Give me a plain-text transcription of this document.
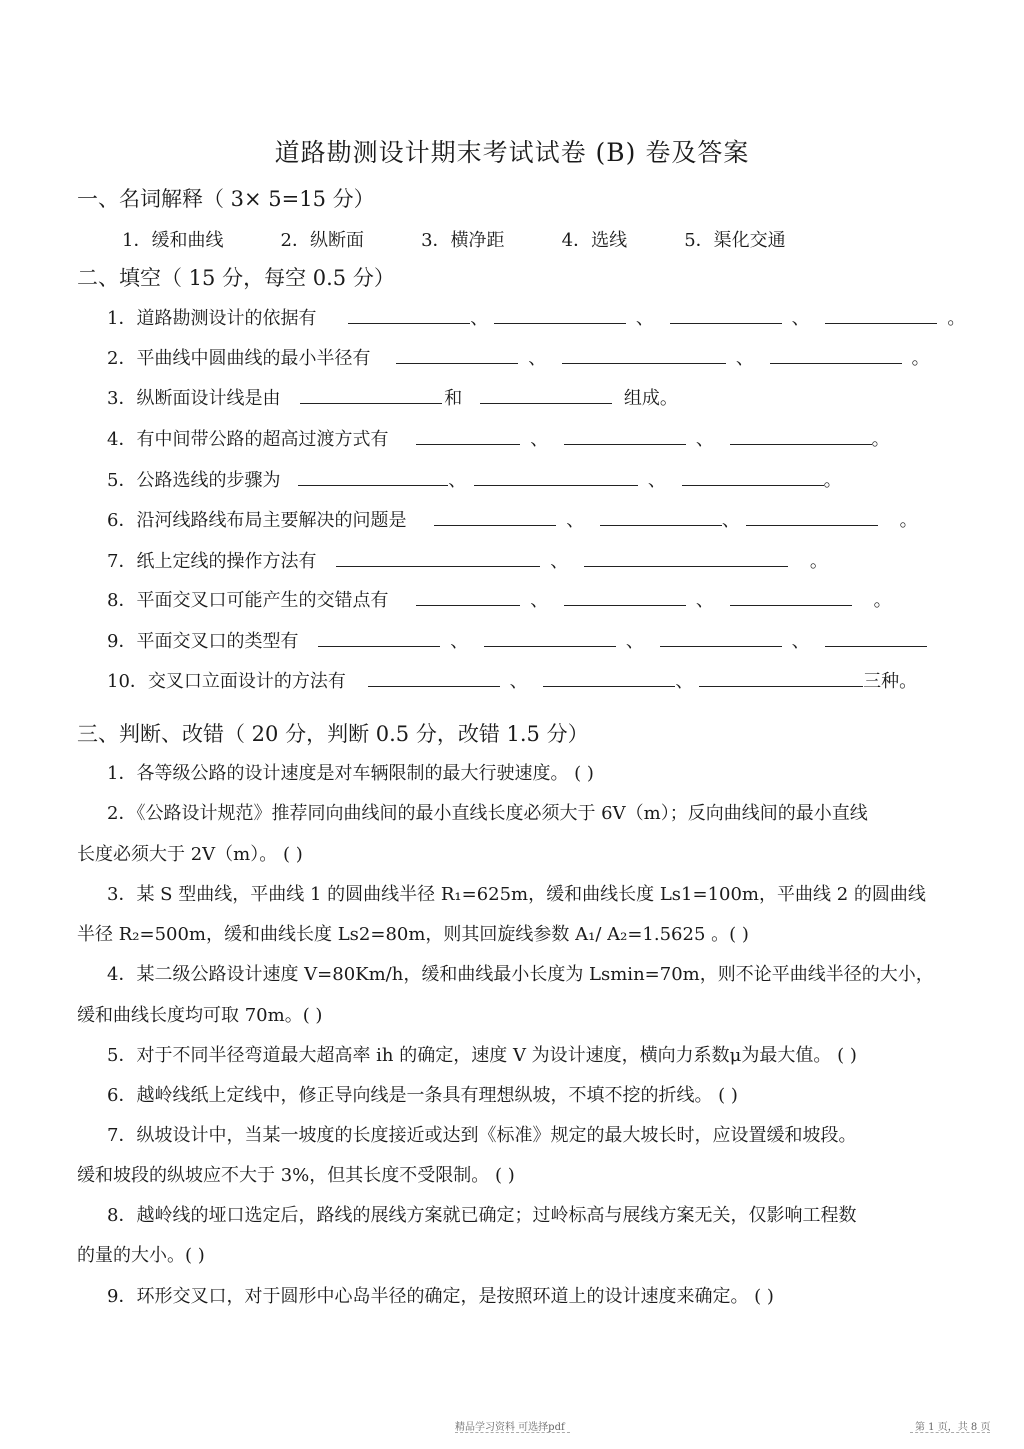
道路勘测设计期末考试试卷 (B) 卷及答案
一、名词解释（ 3× 5=15 分）
1．缓和曲线	2．纵断面	3．横净距	4．选线	5．渠化交通
二、填空（ 15 分，每空 0.5 分）
1．道路勘测设计的依据有	、	、	、	。
2．平曲线中圆曲线的最小半径有	、	、	。
3．纵断面设计线是由	和	组成。
4．有中间带公路的超高过渡方式有	、	、	。
5．公路选线的步骤为	、	、	。
6．沿河线路线布局主要解决的问题是	、	、	。
7．纸上定线的操作方法有	、	。
8．平面交叉口可能产生的交错点有	、	、	。
9．平面交叉口的类型有	、	、	、
10．交叉口立面设计的方法有	、	、	三种。
三、判断、改错（ 20 分，判断 0.5 分，改错 1.5 分）
1．各等级公路的设计速度是对车辆限制的最大行驶速度。 ( )
2．《公路设计规范》推荐同向曲线间的最小直线长度必须大于 6V（m）；反向曲线间的最小直线
长度必须大于 2V（m）。 ( )
3．某 S 型曲线，平曲线 1 的圆曲线半径 R₁=625m，缓和曲线长度 Ls1=100m，平曲线 2 的圆曲线
半径 R₂=500m，缓和曲线长度 Ls2=80m，则其回旋线参数 A₁/ A₂=1.5625 。( )
4．某二级公路设计速度 V=80Km/h，缓和曲线最小长度为 Lsmin=70m，则不论平曲线半径的大小，
缓和曲线长度均可取 70m。( )
5．对于不同半径弯道最大超高率 ih 的确定，速度 V 为设计速度，横向力系数μ为最大值。 ( )
6．越岭线纸上定线中，修正导向线是一条具有理想纵坡，不填不挖的折线。 ( )
7．纵坡设计中，当某一坡度的长度接近或达到《标准》规定的最大坡长时，应设置缓和坡段。
缓和坡段的纵坡应不大于 3%，但其长度不受限制。 ( )
8．越岭线的垭口选定后，路线的展线方案就已确定；过岭标高与展线方案无关，仅影响工程数
的量的大小。( )
9．环形交叉口，对于圆形中心岛半径的确定，是按照环道上的设计速度来确定。 ( )
精品学习资料 可选择pdf	第 1 页，共 8 页
